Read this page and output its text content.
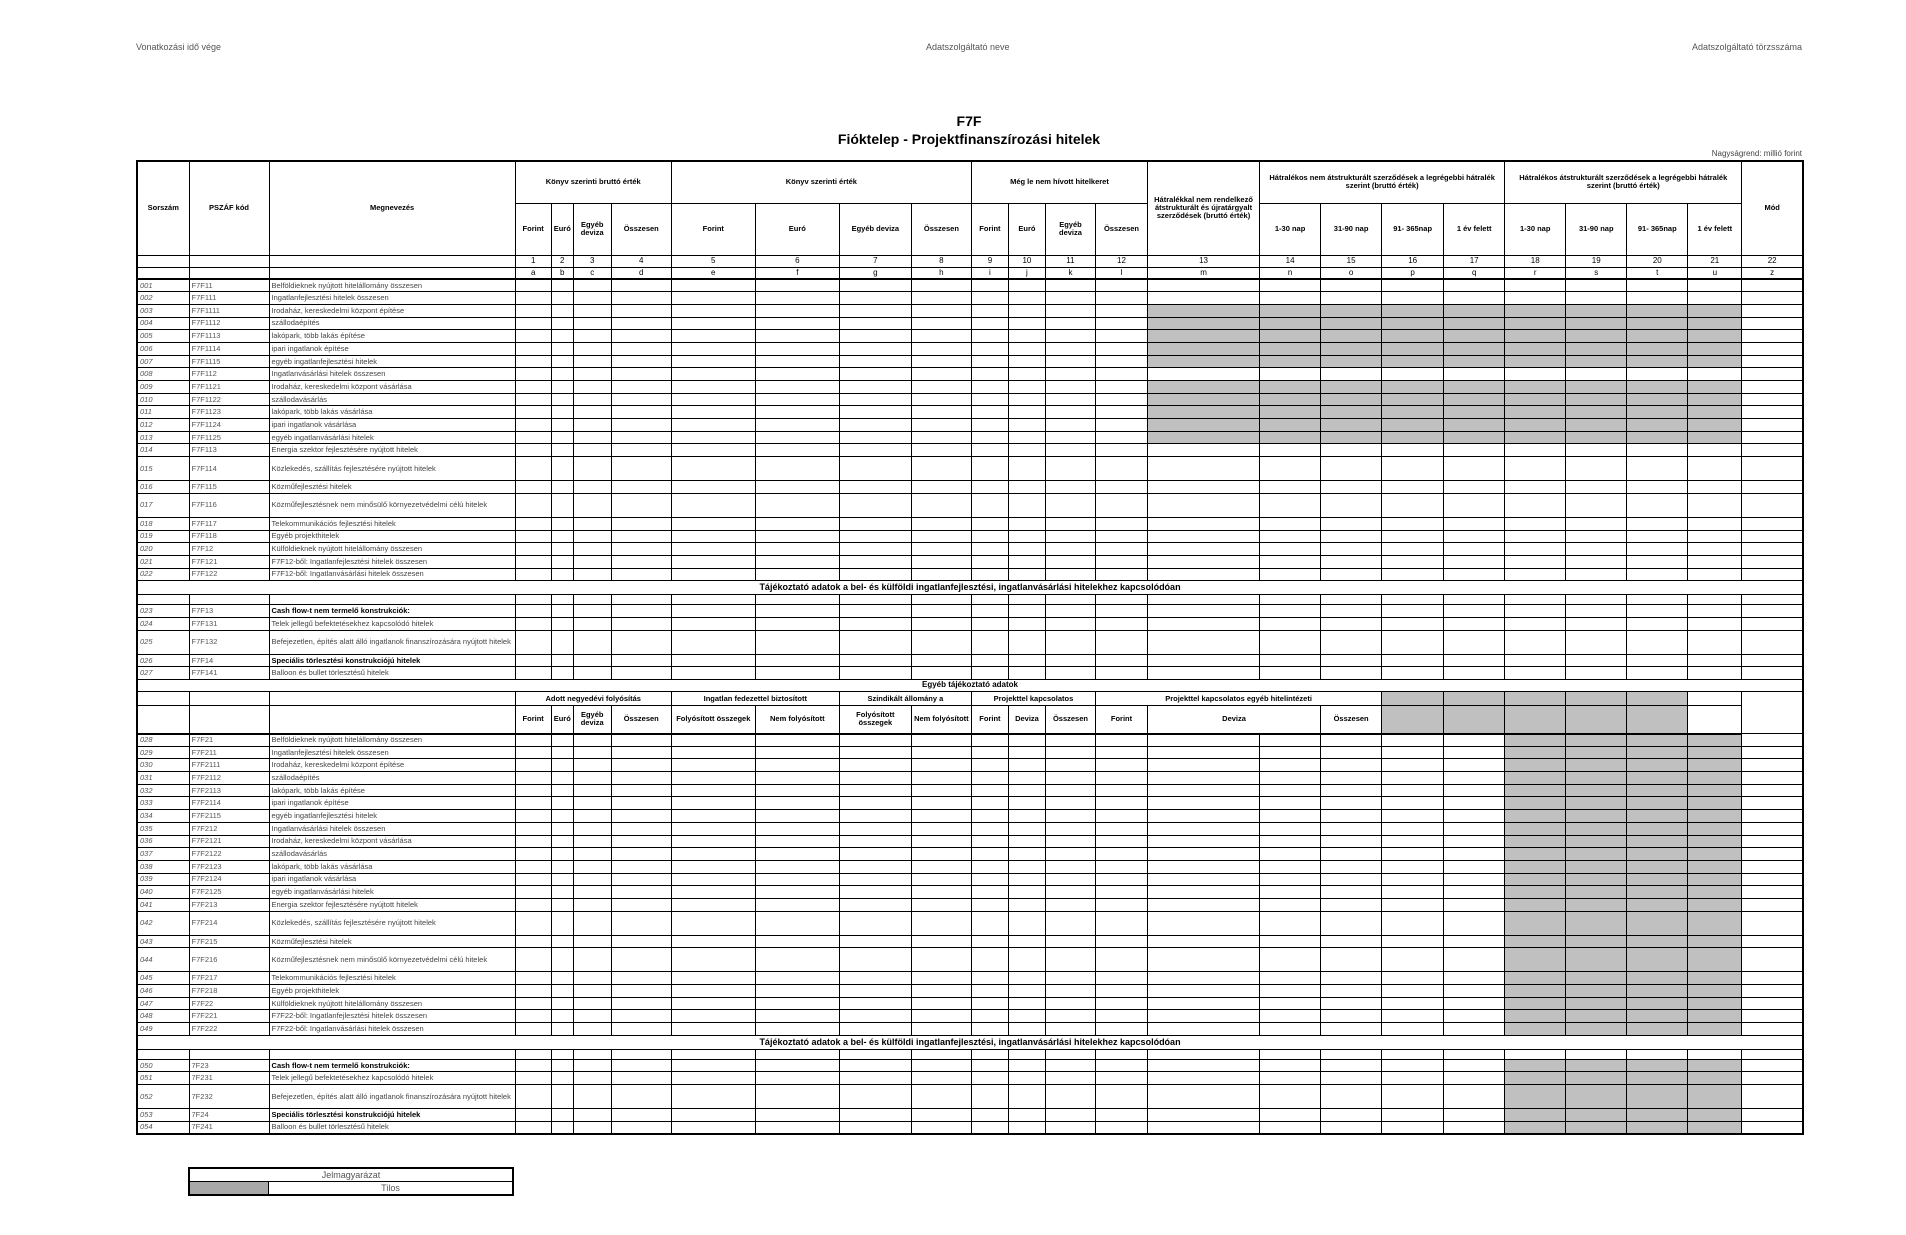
Vonatkozási idő vége	Adatszolgáltató neve	Adatszolgáltató törzsszáma
F7F
Fióktelep - Projektfinanszírozási hitelek
Nagyságrend: millió forint
Sorszám	PSZÁF kód	Megnevezés	Könyv szerinti bruttó érték				Könyv szerinti érték				Még le nem hívott hitelkeret				Hátralékkal nem rendelkező átstrukturált és újratárgyalt szerződések (bruttó érték)	Hátralékos nem átstrukturált szerződések a legrégebbi hátralék szerint (bruttó érték)				Hátralékos átstrukturált szerződések a legrégebbi hátralék szerint (bruttó érték)				Mód
			Forint	Euró	Egyéb deviza	Összesen	Forint	Euró	Egyéb deviza	Összesen	Forint	Euró	Egyéb deviza	Összesen		1-30 nap	31-90 nap	91- 365nap	1 év felett	1-30 nap	31-90 nap	91- 365nap	1 év felett	
			1	2	3	4	5	6	7	8	9	10	11	12	13	14	15	16	17	18	19	20	21	22
			a	b	c	d	e	f	g	h	i	j	k	l	m	n	o	p	q	r	s	t	u	z
001	F7F11	Belföldieknek nyújtott hitelállomány összesen																						
002	F7F111	Ingatlanfejlesztési hitelek összesen																						
003	F7F1111	Irodaház, kereskedelmi központ építése																						
004	F7F1112	szállodaépítés																						
005	F7F1113	lakópark, több lakás építése																						
006	F7F1114	ipari ingatlanok építése																						
007	F7F1115	egyéb ingatlanfejlesztési hitelek																						
008	F7F112	Ingatlanvásárlási hitelek összesen																						
009	F7F1121	Irodaház, kereskedelmi központ vásárlása																						
010	F7F1122	szállodavásárlás																						
011	F7F1123	lakópark, több lakás vásárlása																						
012	F7F1124	ipari ingatlanok vásárlása																						
013	F7F1125	egyéb ingatlanvásárlási hitelek																						
014	F7F113	Energia szektor fejlesztésére nyújtott hitelek																						
015	F7F114	Közlekedés, szállítás fejlesztésére nyújtott hitelek																						
016	F7F115	Közműfejlesztési hitelek																						
017	F7F116	Közműfejlesztésnek nem minősülő környezetvédelmi célú hitelek																						
018	F7F117	Telekommunikációs fejlesztési hitelek																						
019	F7F118	Egyéb projekthitelek																						
020	F7F12	Külföldieknek nyújtott hitelállomány összesen																						
021	F7F121	F7F12-ből: Ingatlanfejlesztési hitelek összesen																						
022	F7F122	F7F12-ből: Ingatlanvásárlási hitelek összesen																						
Tájékoztató adatok a bel- és külföldi ingatlanfejlesztési, ingatlanvásárlási hitelekhez kapcsolódóan																								

023	F7F13	Cash flow-t nem termelő konstrukciók:																						
024	F7F131	Telek jellegű befektetésekhez kapcsolódó hitelek																						
025	F7F132	Befejezetlen, építés alatt álló ingatlanok finanszírozására nyújtott hitelek																						
026	F7F14	Speciális törlesztési konstrukciójú hitelek																						
027	F7F141	Balloon és bullet törlesztésű hitelek																						
Egyéb tájékoztató adatok																								
			Adott negyedévi folyósítás				Ingatlan fedezettel biztosított		Szindikált állomány a		Projekttel kapcsolatos			Projekttel kapcsolatos egyéb hitelintézeti										
			Forint	Euró	Egyéb deviza	Összesen	Folyósított összegek	Nem folyósított	Folyósított összegek	Nem folyósított	Forint	Deviza	Összesen	Forint	Deviza		Összesen							
028	F7F21	Belföldieknek nyújtott hitelállomány összesen																						
029	F7F211	Ingatlanfejlesztési hitelek összesen																						
030	F7F2111	Irodaház, kereskedelmi központ építése																						
031	F7F2112	szállodaépítés																						
032	F7F2113	lakópark, több lakás építése																						
033	F7F2114	ipari ingatlanok építése																						
034	F7F2115	egyéb ingatlanfejlesztési hitelek																						
035	F7F212	Ingatlanvásárlási hitelek összesen																						
036	F7F2121	Irodaház, kereskedelmi központ vásárlása																						
037	F7F2122	szállodavásárlás																						
038	F7F2123	lakópark, több lakás vásárlása																						
039	F7F2124	ipari ingatlanok vásárlása																						
040	F7F2125	egyéb ingatlanvásárlási hitelek																						
041	F7F213	Energia szektor fejlesztésére nyújtott hitelek																						
042	F7F214	Közlekedés, szállítás fejlesztésére nyújtott hitelek																						
043	F7F215	Közműfejlesztési hitelek																						
044	F7F216	Közműfejlesztésnek nem minősülő környezetvédelmi célú hitelek																						
045	F7F217	Telekommunikációs fejlesztési hitelek																						
046	F7F218	Egyéb projekthitelek																						
047	F7F22	Külföldieknek nyújtott hitelállomány összesen																						
048	F7F221	F7F22-ből: Ingatlanfejlesztési hitelek összesen																						
049	F7F222	F7F22-ből: Ingatlanvásárlási hitelek összesen																						
Tájékoztató adatok a bel- és külföldi ingatlanfejlesztési, ingatlanvásárlási hitelekhez kapcsolódóan																								

050	7F23	Cash flow-t nem termelő konstrukciók:																						
051	7F231	Telek jellegű befektetésekhez kapcsolódó hitelek																						
052	7F232	Befejezetlen, építés alatt álló ingatlanok finanszírozására nyújtott hitelek																						
053	7F24	Speciális törlesztési konstrukciójú hitelek																						
054	7F241	Balloon és bullet törlesztésű hitelek																						
Jelmagyarázat
	Tilos
